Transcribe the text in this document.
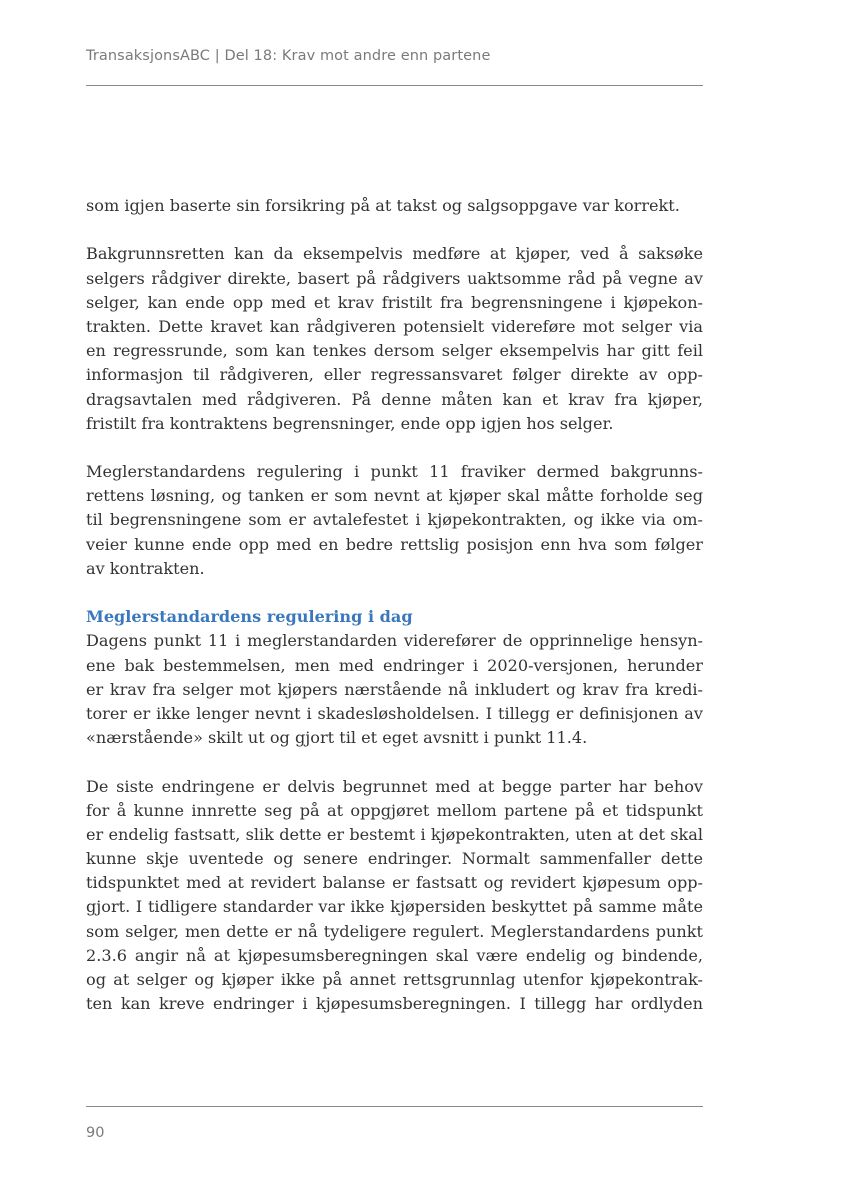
TransaksjonsABC | Del 18: Krav mot andre enn partene

som igjen baserte sin forsikring på at takst og salgsoppgave var korrekt.

Bakgrunnsretten kan da eksempelvis medføre at kjøper, ved å saksøke
selgers rådgiver direkte, basert på rådgivers uaktsomme råd på vegne av
selger, kan ende opp med et krav fristilt fra begrensningene i kjøpekon-
trakten. Dette kravet kan rådgiveren potensielt videreføre mot selger via
en regressrunde, som kan tenkes dersom selger eksempelvis har gitt feil
informasjon til rådgiveren, eller regressansvaret følger direkte av opp-
dragsavtalen med rådgiveren. På denne måten kan et krav fra kjøper,
fristilt fra kontraktens begrensninger, ende opp igjen hos selger.

Meglerstandardens regulering i punkt 11 fraviker dermed bakgrunns-
rettens løsning, og tanken er som nevnt at kjøper skal måtte forholde seg
til begrensningene som er avtalefestet i kjøpekontrakten, og ikke via om-
veier kunne ende opp med en bedre rettslig posisjon enn hva som følger
av kontrakten.

Meglerstandardens regulering i dag

Dagens punkt 11 i meglerstandarden viderefører de opprinnelige hensyn-
ene bak bestemmelsen, men med endringer i 2020-versjonen, herunder
er krav fra selger mot kjøpers nærstående nå inkludert og krav fra kredi-
torer er ikke lenger nevnt i skadesløsholdelsen. I tillegg er definisjonen av
«nærstående» skilt ut og gjort til et eget avsnitt i punkt 11.4.

De siste endringene er delvis begrunnet med at begge parter har behov
for å kunne innrette seg på at oppgjøret mellom partene på et tidspunkt
er endelig fastsatt, slik dette er bestemt i kjøpekontrakten, uten at det skal
kunne skje uventede og senere endringer. Normalt sammenfaller dette
tidspunktet med at revidert balanse er fastsatt og revidert kjøpesum opp-
gjort. I tidligere standarder var ikke kjøpersiden beskyttet på samme måte
som selger, men dette er nå tydeligere regulert. Meglerstandardens punkt
2.3.6 angir nå at kjøpesumsberegningen skal være endelig og bindende,
og at selger og kjøper ikke på annet rettsgrunnlag utenfor kjøpekontrak-
ten kan kreve endringer i kjøpesumsberegningen. I tillegg har ordlyden

90
